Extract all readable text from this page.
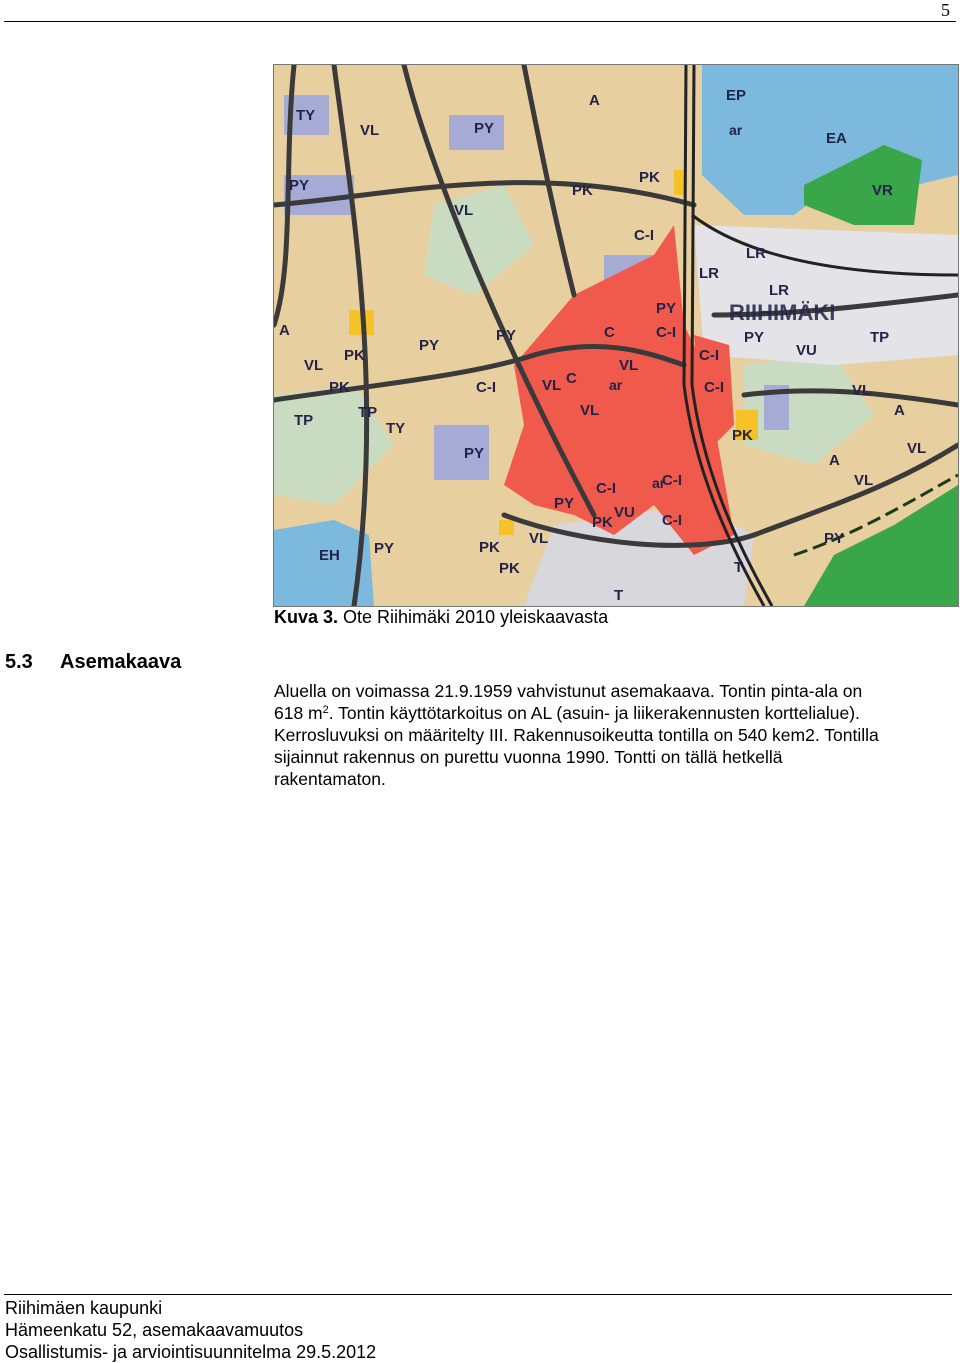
5
RIIHIMÄKI
TY
VL
A
PY
PY
EP
ar	EA
VR
PK
PK
VL
C-I
LR
LR
LR
C	C-I
PY
PY
VU
TP
C-I
VL
ar
VL C
VL
C-I
PK
TP	TP
TY
PY
C-I
ar
C-I
C-I
PK
PY
VU
EH PY	PK
VL
PK
T
T
VL
VL
VL
A
A
PY
A
VL
PK
PK
PY
PY
C-I
Kuva 3. Ote Riihimäki 2010 yleiskaavasta
5.3 Asemakaava
Aluella on voimassa 21.9.1959 vahvistunut asemakaava. Tontin pinta-ala on
618 $m^2$. Tontin käyttötarkoitus on AL (asuin- ja liikerakennusten korttelialue).
Kerrosluvuksi on määritelty III. Rakennusoikeutta tontilla on 540 kem2. Tontilla
sijainnut rakennus on purettu vuonna 1990. Tontti on tällä hetkellä
rakentamaton.
Riihimäen kaupunki
Hämeenkatu 52, asemakaavamuutos
Osallistumis- ja arviointisuunnitelma 29.5.2012
